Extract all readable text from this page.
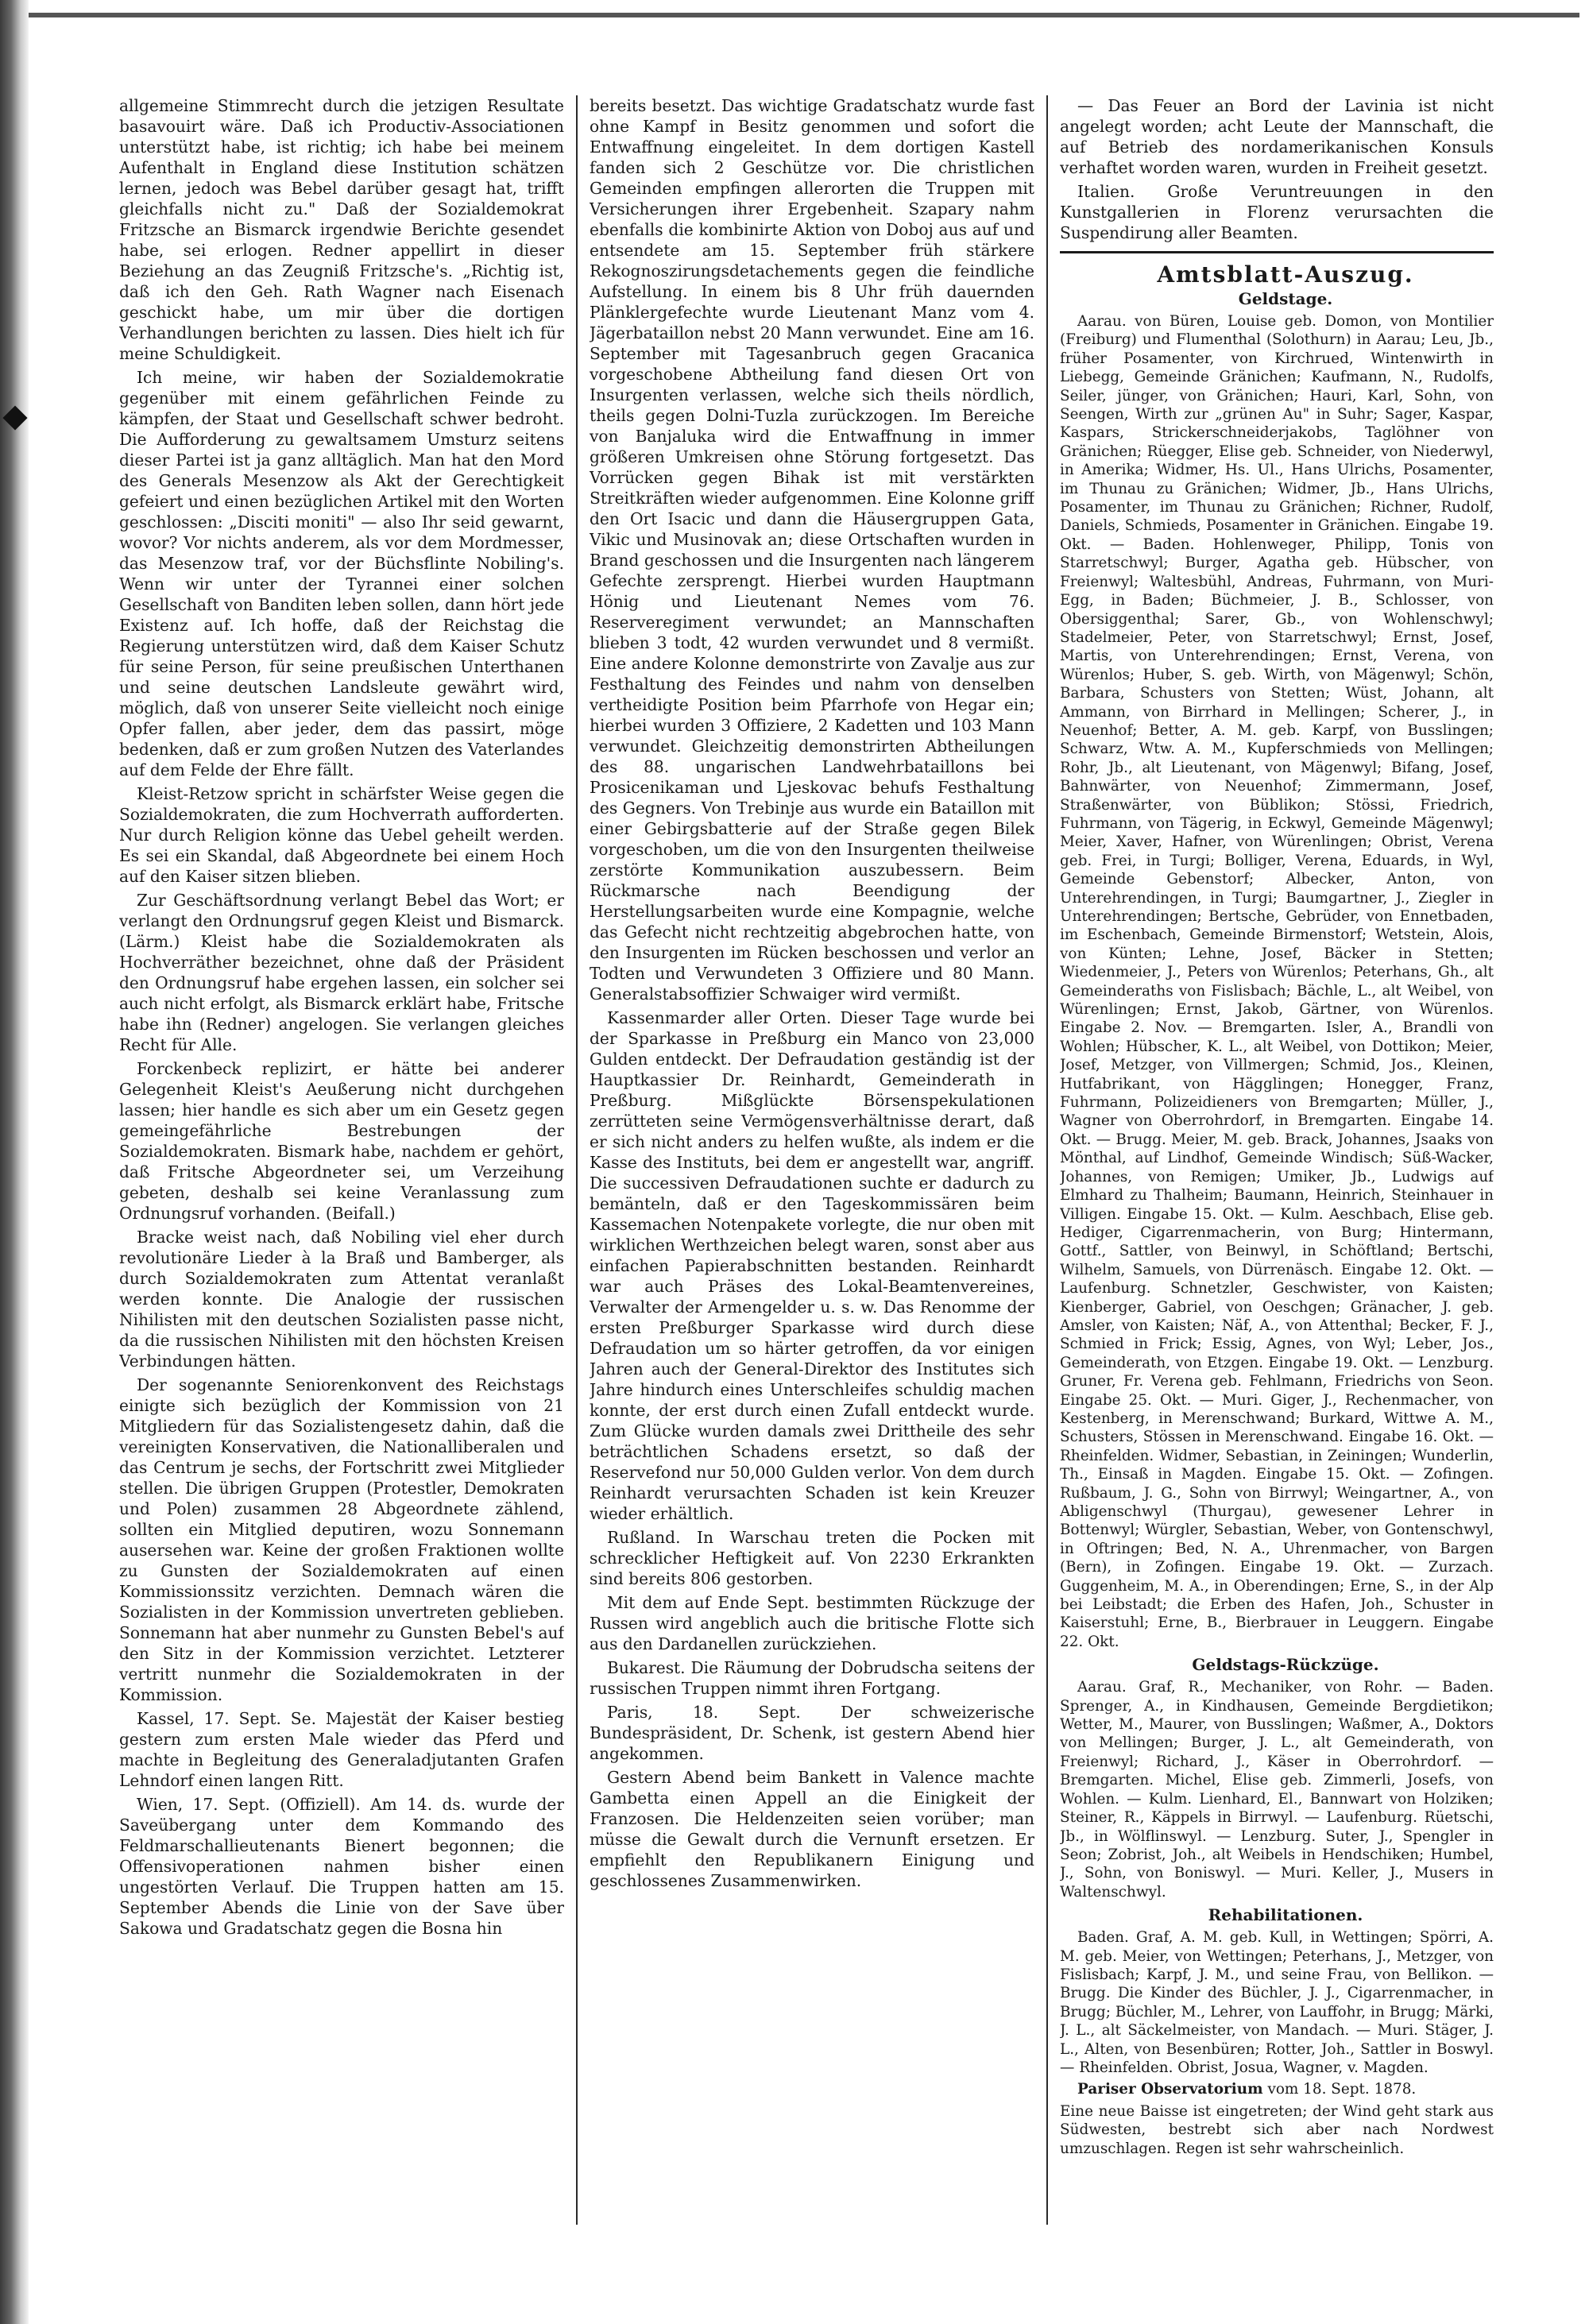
allgemeine Stimmrecht durch die jetzigen Resultate basavouirt wäre. Daß ich Productiv-Associationen unterstützt habe, ist richtig; ich habe bei meinem Aufenthalt in England diese Institution schätzen lernen, jedoch was Bebel darüber gesagt hat, trifft gleichfalls nicht zu." Daß der Sozialdemokrat Fritzsche an Bismarck irgendwie Berichte gesendet habe, sei erlogen. Redner appellirt in dieser Beziehung an das Zeugniß Fritzsche's. „Richtig ist, daß ich den Geh. Rath Wagner nach Eisenach geschickt habe, um mir über die dortigen Verhandlungen berichten zu lassen. Dies hielt ich für meine Schuldigkeit.

Ich meine, wir haben der Sozialdemokratie gegenüber mit einem gefährlichen Feinde zu kämpfen, der Staat und Gesellschaft schwer bedroht. Die Aufforderung zu gewaltsamem Umsturz seitens dieser Partei ist ja ganz alltäglich. Man hat den Mord des Generals Mesenzow als Akt der Gerechtigkeit gefeiert und einen bezüglichen Artikel mit den Worten geschlossen: „Disciti moniti" — also Ihr seid gewarnt, wovor? Vor nichts anderem, als vor dem Mordmesser, das Mesenzow traf, vor der Büchsflinte Nobiling's. Wenn wir unter der Tyrannei einer solchen Gesellschaft von Banditen leben sollen, dann hört jede Existenz auf. Ich hoffe, daß der Reichstag die Regierung unterstützen wird, daß dem Kaiser Schutz für seine Person, für seine preußischen Unterthanen und seine deutschen Landsleute gewährt wird, möglich, daß von unserer Seite vielleicht noch einige Opfer fallen, aber jeder, dem das passirt, möge bedenken, daß er zum großen Nutzen des Vaterlandes auf dem Felde der Ehre fällt.

Kleist-Retzow spricht in schärfster Weise gegen die Sozialdemokraten, die zum Hochverrath aufforderten. Nur durch Religion könne das Uebel geheilt werden. Es sei ein Skandal, daß Abgeordnete bei einem Hoch auf den Kaiser sitzen blieben.

Zur Geschäftsordnung verlangt Bebel das Wort; er verlangt den Ordnungsruf gegen Kleist und Bismarck. (Lärm.) Kleist habe die Sozialdemokraten als Hochverräther bezeichnet, ohne daß der Präsident den Ordnungsruf habe ergehen lassen, ein solcher sei auch nicht erfolgt, als Bismarck erklärt habe, Fritsche habe ihn (Redner) angelogen. Sie verlangen gleiches Recht für Alle.

Forckenbeck replizirt, er hätte bei anderer Gelegenheit Kleist's Aeußerung nicht durchgehen lassen; hier handle es sich aber um ein Gesetz gegen gemeingefährliche Bestrebungen der Sozialdemokraten. Bismark habe, nachdem er gehört, daß Fritsche Abgeordneter sei, um Verzeihung gebeten, deshalb sei keine Veranlassung zum Ordnungsruf vorhanden. (Beifall.)

Bracke weist nach, daß Nobiling viel eher durch revolutionäre Lieder à la Braß und Bamberger, als durch Sozialdemokraten zum Attentat veranlaßt werden konnte. Die Analogie der russischen Nihilisten mit den deutschen Sozialisten passe nicht, da die russischen Nihilisten mit den höchsten Kreisen Verbindungen hätten.

Der sogenannte Seniorenkonvent des Reichstags einigte sich bezüglich der Kommission von 21 Mitgliedern für das Sozialistengesetz dahin, daß die vereinigten Konservativen, die Nationalliberalen und das Centrum je sechs, der Fortschritt zwei Mitglieder stellen. Die übrigen Gruppen (Protestler, Demokraten und Polen) zusammen 28 Abgeordnete zählend, sollten ein Mitglied deputiren, wozu Sonnemann ausersehen war. Keine der großen Fraktionen wollte zu Gunsten der Sozialdemokraten auf einen Kommissionssitz verzichten. Demnach wären die Sozialisten in der Kommission unvertreten geblieben. Sonnemann hat aber nunmehr zu Gunsten Bebel's auf den Sitz in der Kommission verzichtet. Letzterer vertritt nunmehr die Sozialdemokraten in der Kommission.

Kassel, 17. Sept. Se. Majestät der Kaiser bestieg gestern zum ersten Male wieder das Pferd und machte in Begleitung des Generaladjutanten Grafen Lehndorf einen langen Ritt.

Wien, 17. Sept. (Offiziell). Am 14. ds. wurde der Saveübergang unter dem Kommando des Feldmarschallieutenants Bienert begonnen; die Offensivoperationen nahmen bisher einen ungestörten Verlauf. Die Truppen hatten am 15. September Abends die Linie von der Save über Sakowa und Gradatschatz gegen die Bosna hin

bereits besetzt. Das wichtige Gradatschatz wurde fast ohne Kampf in Besitz genommen und sofort die Entwaffnung eingeleitet. In dem dortigen Kastell fanden sich 2 Geschütze vor. Die christlichen Gemeinden empfingen allerorten die Truppen mit Versicherungen ihrer Ergebenheit. Szapary nahm ebenfalls die kombinirte Aktion von Doboj aus auf und entsendete am 15. September früh stärkere Rekognoszirungsdetachements gegen die feindliche Aufstellung. In einem bis 8 Uhr früh dauernden Plänklergefechte wurde Lieutenant Manz vom 4. Jägerbataillon nebst 20 Mann verwundet. Eine am 16. September mit Tagesanbruch gegen Gracanica vorgeschobene Abtheilung fand diesen Ort von Insurgenten verlassen, welche sich theils nördlich, theils gegen Dolni-Tuzla zurückzogen. Im Bereiche von Banjaluka wird die Entwaffnung in immer größeren Umkreisen ohne Störung fortgesetzt. Das Vorrücken gegen Bihak ist mit verstärkten Streitkräften wieder aufgenommen. Eine Kolonne griff den Ort Isacic und dann die Häusergruppen Gata, Vikic und Musinovak an; diese Ortschaften wurden in Brand geschossen und die Insurgenten nach längerem Gefechte zersprengt. Hierbei wurden Hauptmann Hönig und Lieutenant Nemes vom 76. Reserveregiment verwundet; an Mannschaften blieben 3 todt, 42 wurden verwundet und 8 vermißt. Eine andere Kolonne demonstrirte von Zavalje aus zur Festhaltung des Feindes und nahm von denselben vertheidigte Position beim Pfarrhofe von Hegar ein; hierbei wurden 3 Offiziere, 2 Kadetten und 103 Mann verwundet. Gleichzeitig demonstrirten Abtheilungen des 88. ungarischen Landwehrbataillons bei Prosicenikaman und Ljeskovac behufs Festhaltung des Gegners. Von Trebinje aus wurde ein Bataillon mit einer Gebirgsbatterie auf der Straße gegen Bilek vorgeschoben, um die von den Insurgenten theilweise zerstörte Kommunikation auszubessern. Beim Rückmarsche nach Beendigung der Herstellungsarbeiten wurde eine Kompagnie, welche das Gefecht nicht rechtzeitig abgebrochen hatte, von den Insurgenten im Rücken beschossen und verlor an Todten und Verwundeten 3 Offiziere und 80 Mann. Generalstabsoffizier Schwaiger wird vermißt.

Kassenmarder aller Orten. Dieser Tage wurde bei der Sparkasse in Preßburg ein Manco von 23,000 Gulden entdeckt. Der Defraudation geständig ist der Hauptkassier Dr. Reinhardt, Gemeinderath in Preßburg. Mißglückte Börsenspekulationen zerrütteten seine Vermögensverhältnisse derart, daß er sich nicht anders zu helfen wußte, als indem er die Kasse des Instituts, bei dem er angestellt war, angriff. Die successiven Defraudationen suchte er dadurch zu bemänteln, daß er den Tageskommissären beim Kassemachen Notenpakete vorlegte, die nur oben mit wirklichen Werthzeichen belegt waren, sonst aber aus einfachen Papierabschnitten bestanden. Reinhardt war auch Präses des Lokal-Beamtenvereines, Verwalter der Armengelder u. s. w. Das Renomme der ersten Preßburger Sparkasse wird durch diese Defraudation um so härter getroffen, da vor einigen Jahren auch der General-Direktor des Institutes sich Jahre hindurch eines Unterschleifes schuldig machen konnte, der erst durch einen Zufall entdeckt wurde. Zum Glücke wurden damals zwei Drittheile des sehr beträchtlichen Schadens ersetzt, so daß der Reservefond nur 50,000 Gulden verlor. Von dem durch Reinhardt verursachten Schaden ist kein Kreuzer wieder erhältlich.

Rußland. In Warschau treten die Pocken mit schrecklicher Heftigkeit auf. Von 2230 Erkrankten sind bereits 806 gestorben.

Mit dem auf Ende Sept. bestimmten Rückzuge der Russen wird angeblich auch die britische Flotte sich aus den Dardanellen zurückziehen.

Bukarest. Die Räumung der Dobrudscha seitens der russischen Truppen nimmt ihren Fortgang.

Paris, 18. Sept. Der schweizerische Bundespräsident, Dr. Schenk, ist gestern Abend hier angekommen.

Gestern Abend beim Bankett in Valence machte Gambetta einen Appell an die Einigkeit der Franzosen. Die Heldenzeiten seien vorüber; man müsse die Gewalt durch die Vernunft ersetzen. Er empfiehlt den Republikanern Einigung und geschlossenes Zusammenwirken.

— Das Feuer an Bord der Lavinia ist nicht angelegt worden; acht Leute der Mannschaft, die auf Betrieb des nordamerikanischen Konsuls verhaftet worden waren, wurden in Freiheit gesetzt.

Italien. Große Veruntreuungen in den Kunstgallerien in Florenz verursachten die Suspendirung aller Beamten.

Amtsblatt-Auszug.

Geldstage.

Aarau. von Büren, Louise geb. Domon, von Montilier (Freiburg) und Flumenthal (Solothurn) in Aarau; Leu, Jb., früher Posamenter, von Kirchrued, Wintenwirth in Liebegg, Gemeinde Gränichen; Kaufmann, N., Rudolfs, Seiler, jünger, von Gränichen; Hauri, Karl, Sohn, von Seengen, Wirth zur „grünen Au" in Suhr; Sager, Kaspar, Kaspars, Strickerschneiderjakobs, Taglöhner von Gränichen; Rüegger, Elise geb. Schneider, von Niederwyl, in Amerika; Widmer, Hs. Ul., Hans Ulrichs, Posamenter, im Thunau zu Gränichen; Widmer, Jb., Hans Ulrichs, Posamenter, im Thunau zu Gränichen; Richner, Rudolf, Daniels, Schmieds, Posamenter in Gränichen. Eingabe 19. Okt. — Baden. Hohlenweger, Philipp, Tonis von Starretschwyl; Burger, Agatha geb. Hübscher, von Freienwyl; Waltesbühl, Andreas, Fuhrmann, von Muri-Egg, in Baden; Büchmeier, J. B., Schlosser, von Obersiggenthal; Sarer, Gb., von Wohlenschwyl; Stadelmeier, Peter, von Starretschwyl; Ernst, Josef, Martis, von Unterehrendingen; Ernst, Verena, von Würenlos; Huber, S. geb. Wirth, von Mägenwyl; Schön, Barbara, Schusters von Stetten; Wüst, Johann, alt Ammann, von Birrhard in Mellingen; Scherer, J., in Neuenhof; Better, A. M. geb. Karpf, von Busslingen; Schwarz, Wtw. A. M., Kupferschmieds von Mellingen; Rohr, Jb., alt Lieutenant, von Mägenwyl; Bifang, Josef, Bahnwärter, von Neuenhof; Zimmermann, Josef, Straßenwärter, von Büblikon; Stössi, Friedrich, Fuhrmann, von Tägerig, in Eckwyl, Gemeinde Mägenwyl; Meier, Xaver, Hafner, von Würenlingen; Obrist, Verena geb. Frei, in Turgi; Bolliger, Verena, Eduards, in Wyl, Gemeinde Gebenstorf; Albecker, Anton, von Unterehrendingen, in Turgi; Baumgartner, J., Ziegler in Unterehrendingen; Bertsche, Gebrüder, von Ennetbaden, im Eschenbach, Gemeinde Birmenstorf; Wetstein, Alois, von Künten; Lehne, Josef, Bäcker in Stetten; Wiedenmeier, J., Peters von Würenlos; Peterhans, Gh., alt Gemeinderaths von Fislisbach; Bächle, L., alt Weibel, von Würenlingen; Ernst, Jakob, Gärtner, von Würenlos. Eingabe 2. Nov. — Bremgarten. Isler, A., Brandli von Wohlen; Hübscher, K. L., alt Weibel, von Dottikon; Meier, Josef, Metzger, von Villmergen; Schmid, Jos., Kleinen, Hutfabrikant, von Hägglingen; Honegger, Franz, Fuhrmann, Polizeidieners von Bremgarten; Müller, J., Wagner von Oberrohrdorf, in Bremgarten. Eingabe 14. Okt. — Brugg. Meier, M. geb. Brack, Johannes, Jsaaks von Mönthal, auf Lindhof, Gemeinde Windisch; Süß-Wacker, Johannes, von Remigen; Umiker, Jb., Ludwigs auf Elmhard zu Thalheim; Baumann, Heinrich, Steinhauer in Villigen. Eingabe 15. Okt. — Kulm. Aeschbach, Elise geb. Hediger, Cigarrenmacherin, von Burg; Hintermann, Gottf., Sattler, von Beinwyl, in Schöftland; Bertschi, Wilhelm, Samuels, von Dürrenäsch. Eingabe 12. Okt. — Laufenburg. Schnetzler, Geschwister, von Kaisten; Kienberger, Gabriel, von Oeschgen; Gränacher, J. geb. Amsler, von Kaisten; Näf, A., von Attenthal; Becker, F. J., Schmied in Frick; Essig, Agnes, von Wyl; Leber, Jos., Gemeinderath, von Etzgen. Eingabe 19. Okt. — Lenzburg. Gruner, Fr. Verena geb. Fehlmann, Friedrichs von Seon. Eingabe 25. Okt. — Muri. Giger, J., Rechenmacher, von Kestenberg, in Merenschwand; Burkard, Wittwe A. M., Schusters, Stössen in Merenschwand. Eingabe 16. Okt. — Rheinfelden. Widmer, Sebastian, in Zeiningen; Wunderlin, Th., Einsaß in Magden. Eingabe 15. Okt. — Zofingen. Rußbaum, J. G., Sohn von Birrwyl; Weingartner, A., von Abligenschwyl (Thurgau), gewesener Lehrer in Bottenwyl; Würgler, Sebastian, Weber, von Gontenschwyl, in Oftringen; Bed, N. A., Uhrenmacher, von Bargen (Bern), in Zofingen. Eingabe 19. Okt. — Zurzach. Guggenheim, M. A., in Oberendingen; Erne, S., in der Alp bei Leibstadt; die Erben des Hafen, Joh., Schuster in Kaiserstuhl; Erne, B., Bierbrauer in Leuggern. Eingabe 22. Okt.

Geldstags-Rückzüge.

Aarau. Graf, R., Mechaniker, von Rohr. — Baden. Sprenger, A., in Kindhausen, Gemeinde Bergdietikon; Wetter, M., Maurer, von Busslingen; Waßmer, A., Doktors von Mellingen; Burger, J. L., alt Gemeinderath, von Freienwyl; Richard, J., Käser in Oberrohrdorf. — Bremgarten. Michel, Elise geb. Zimmerli, Josefs, von Wohlen. — Kulm. Lienhard, El., Bannwart von Holziken; Steiner, R., Käppels in Birrwyl. — Laufenburg. Rüetschi, Jb., in Wölflinswyl. — Lenzburg. Suter, J., Spengler in Seon; Zobrist, Joh., alt Weibels in Hendschiken; Humbel, J., Sohn, von Boniswyl. — Muri. Keller, J., Musers in Waltenschwyl.

Rehabilitationen.

Baden. Graf, A. M. geb. Kull, in Wettingen; Spörri, A. M. geb. Meier, von Wettingen; Peterhans, J., Metzger, von Fislisbach; Karpf, J. M., und seine Frau, von Bellikon. — Brugg. Die Kinder des Büchler, J. J., Cigarrenmacher, in Brugg; Büchler, M., Lehrer, von Lauffohr, in Brugg; Märki, J. L., alt Säckelmeister, von Mandach. — Muri. Stäger, J. L., Alten, von Besenbüren; Rotter, Joh., Sattler in Boswyl. — Rheinfelden. Obrist, Josua, Wagner, v. Magden.

Pariser Observatorium vom 18. Sept. 1878.

Eine neue Baisse ist eingetreten; der Wind geht stark aus Südwesten, bestrebt sich aber nach Nordwest umzuschlagen. Regen ist sehr wahrscheinlich.
